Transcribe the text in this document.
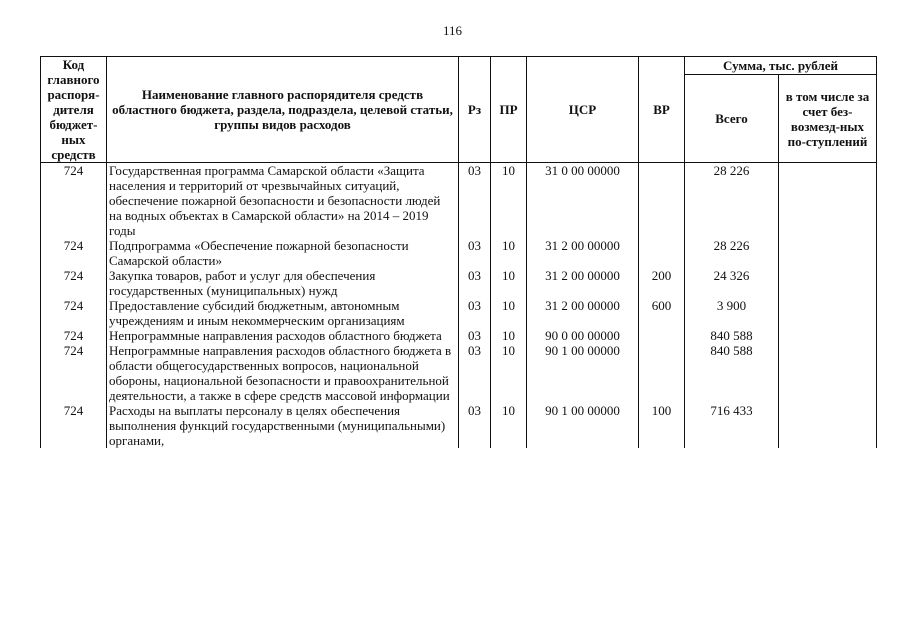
116
Код главного распоря-дителя бюджет-ных средств	Наименование главного распорядителя средств областного бюджета, раздела, подраздела, целевой статьи, группы видов расходов	Рз	ПР	ЦСР	ВР	Сумма, тыс. рублей	
						Всего	в том числе за счет без-возмезд-ных по-ступлений
724	Государственная программа Самарской области «Защита населения и территорий от чрезвычайных ситуаций, обеспечение пожарной безопасности и безопасности людей на водных объектах в Самарской области» на 2014 – 2019 годы	03	10	31 0 00 00000		28 226	
724	Подпрограмма «Обеспечение пожарной безопасности Самарской области»	03	10	31 2 00 00000		28 226	
724	Закупка товаров, работ и услуг для обеспечения государственных (муниципальных) нужд	03	10	31 2 00 00000	200	24 326	
724	Предоставление субсидий бюджетным, автономным учреждениям и иным некоммерческим организациям	03	10	31 2 00 00000	600	3 900	
724	Непрограммные направления расходов областного бюджета	03	10	90 0 00 00000		840 588	
724	Непрограммные направления расходов областного бюджета в области общегосударственных вопросов, национальной обороны, национальной безопасности и правоохранительной деятельности, а также в сфере средств массовой информации	03	10	90 1 00 00000		840 588	
724	Расходы на выплаты персоналу в целях обеспечения выполнения функций государственными (муниципальными) органами,	03	10	90 1 00 00000	100	716 433	
